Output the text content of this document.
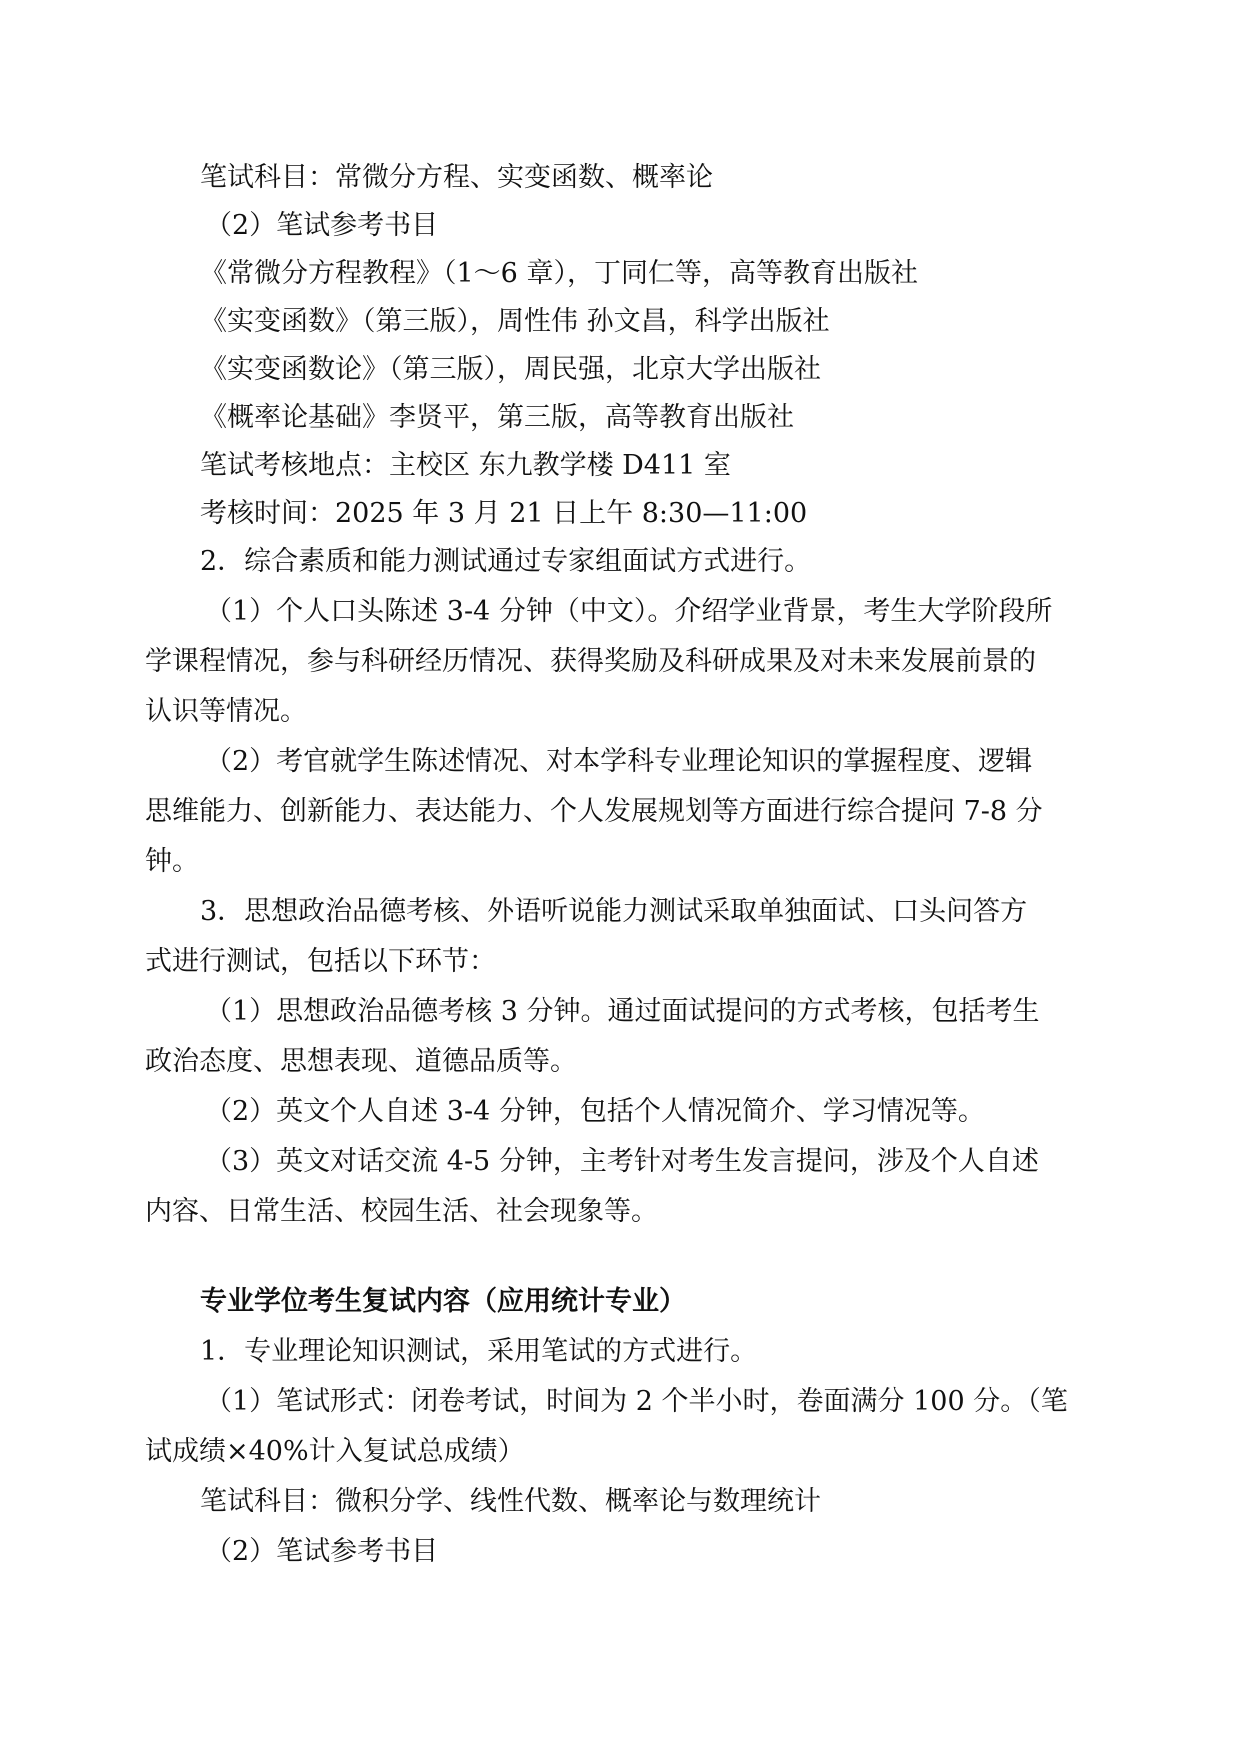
笔试科目：常微分方程、实变函数、概率论
（2）笔试参考书目
《常微分方程教程》（1～6 章），丁同仁等，高等教育出版社
《实变函数》（第三版），周性伟 孙文昌，科学出版社
《实变函数论》（第三版），周民强，北京大学出版社
《概率论基础》李贤平，第三版，高等教育出版社
笔试考核地点：主校区 东九教学楼 D411 室
考核时间：2025 年 3 月 21 日上午 8:30—11:00
2．综合素质和能力测试通过专家组面试方式进行。
（1）个人口头陈述 3-4 分钟（中文）。介绍学业背景，考生大学阶段所
学课程情况，参与科研经历情况、获得奖励及科研成果及对未来发展前景的
认识等情况。
（2）考官就学生陈述情况、对本学科专业理论知识的掌握程度、逻辑
思维能力、创新能力、表达能力、个人发展规划等方面进行综合提问 7-8 分
钟。
3．思想政治品德考核、外语听说能力测试采取单独面试、口头问答方
式进行测试，包括以下环节：
（1）思想政治品德考核 3 分钟。通过面试提问的方式考核，包括考生
政治态度、思想表现、道德品质等。
（2）英文个人自述 3-4 分钟，包括个人情况简介、学习情况等。
（3）英文对话交流 4-5 分钟，主考针对考生发言提问，涉及个人自述
内容、日常生活、校园生活、社会现象等。
专业学位考生复试内容（应用统计专业）
1．专业理论知识测试，采用笔试的方式进行。
（1）笔试形式：闭卷考试，时间为 2 个半小时，卷面满分 100 分。（笔
试成绩×40%计入复试总成绩）
笔试科目：微积分学、线性代数、概率论与数理统计
（2）笔试参考书目
